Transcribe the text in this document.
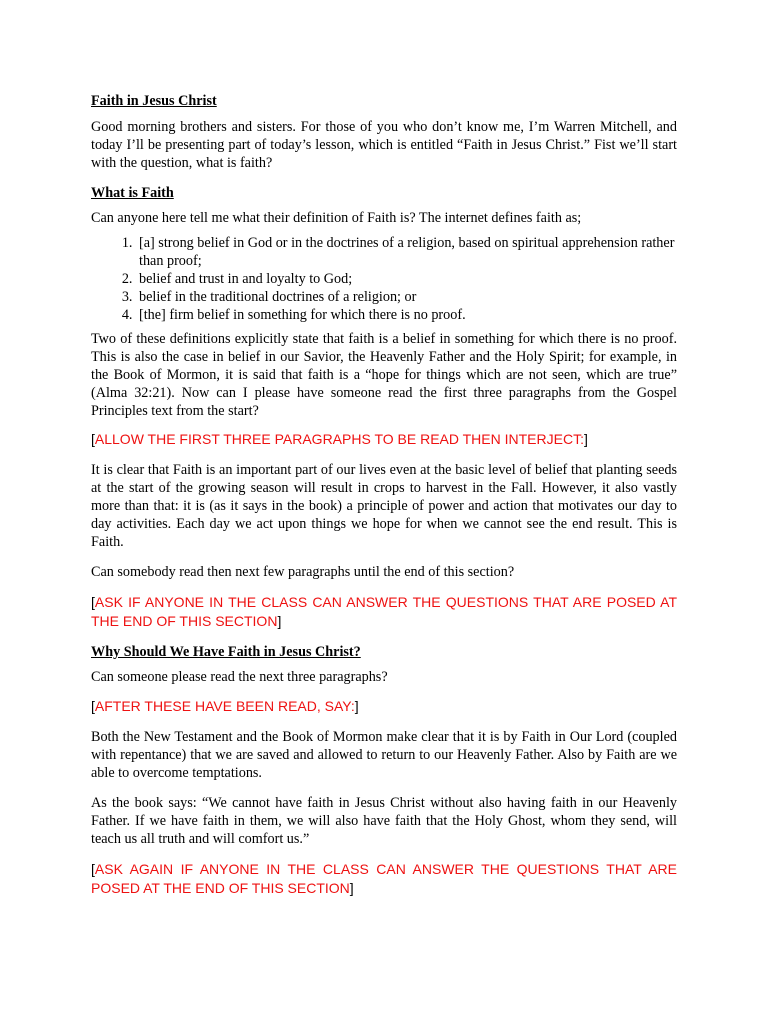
Faith in Jesus Christ

Good morning brothers and sisters. For those of you who don’t know me, I’m Warren Mitchell, and today I’ll be presenting part of today’s lesson, which is entitled “Faith in Jesus Christ.” Fist we’ll start with the question, what is faith?

What is Faith

Can anyone here tell me what their definition of Faith is? The internet defines faith as;

1. [a] strong belief in God or in the doctrines of a religion, based on spiritual apprehension rather than proof;
2. belief and trust in and loyalty to God;
3. belief in the traditional doctrines of a religion; or
4. [the] firm belief in something for which there is no proof.

Two of these definitions explicitly state that faith is a belief in something for which there is no proof. This is also the case in belief in our Savior, the Heavenly Father and the Holy Spirit; for example, in the Book of Mormon, it is said that faith is a “hope for things which are not seen, which are true” (Alma 32:21). Now can I please have someone read the first three paragraphs from the Gospel Principles text from the start?

[ALLOW THE FIRST THREE PARAGRAPHS TO BE READ THEN INTERJECT:]

It is clear that Faith is an important part of our lives even at the basic level of belief that planting seeds at the start of the growing season will result in crops to harvest in the Fall. However, it also vastly more than that: it is (as it says in the book) a principle of power and action that motivates our day to day activities. Each day we act upon things we hope for when we cannot see the end result. This is Faith.

Can somebody read then next few paragraphs until the end of this section?

[ASK IF ANYONE IN THE CLASS CAN ANSWER THE QUESTIONS THAT ARE POSED AT THE END OF THIS SECTION]

Why Should We Have Faith in Jesus Christ?

Can someone please read the next three paragraphs?

[AFTER THESE HAVE BEEN READ, SAY:]

Both the New Testament and the Book of Mormon make clear that it is by Faith in Our Lord (coupled with repentance) that we are saved and allowed to return to our Heavenly Father. Also by Faith are we able to overcome temptations.

As the book says: “We cannot have faith in Jesus Christ without also having faith in our Heavenly Father. If we have faith in them, we will also have faith that the Holy Ghost, whom they send, will teach us all truth and will comfort us.”

[ASK AGAIN IF ANYONE IN THE CLASS CAN ANSWER THE QUESTIONS THAT ARE POSED AT THE END OF THIS SECTION]
